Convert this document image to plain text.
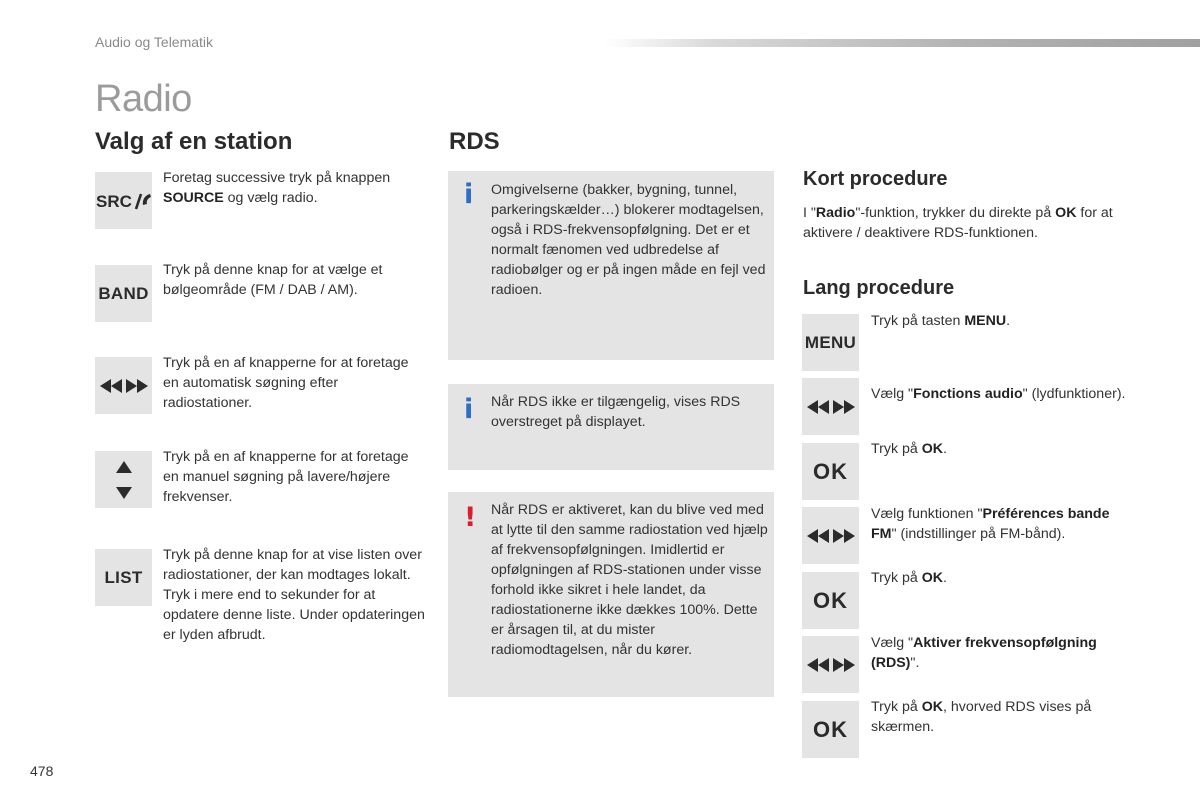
Audio og Telematik
Radio
Valg af en station
SRC
Foretag successive tryk på knappen SOURCE og vælg radio.
BAND
Tryk på denne knap for at vælge et bølgeområde (FM / DAB / AM).
Tryk på en af knapperne for at foretage en automatisk søgning efter radiostationer.
Tryk på en af knapperne for at foretage en manuel søgning på lavere/højere frekvenser.
LIST
Tryk på denne knap for at vise listen over radiostationer, der kan modtages lokalt.
Tryk i mere end to sekunder for at opdatere denne liste. Under opdateringen er lyden afbrudt.
RDS
i Omgivelserne (bakker, bygning, tunnel, parkeringskælder…) blokerer modtagelsen, også i RDS-frekvensopfølgning. Det er et normalt fænomen ved udbredelse af radiobølger og er på ingen måde en fejl ved radioen.
i Når RDS ikke er tilgængelig, vises RDS overstreget på displayet.
! Når RDS er aktiveret, kan du blive ved med at lytte til den samme radiostation ved hjælp af frekvensopfølgningen. Imidlertid er opfølgningen af RDS-stationen under visse forhold ikke sikret i hele landet, da radiostationerne ikke dækkes 100%. Dette er årsagen til, at du mister radiomodtagelsen, når du kører.
Kort procedure
I "Radio"-funktion, trykker du direkte på OK for at aktivere / deaktivere RDS-funktionen.
Lang procedure
MENU
Tryk på tasten MENU.
Vælg "Fonctions audio" (lydfunktioner).
OK
Tryk på OK.
Vælg funktionen "Préférences bande FM" (indstillinger på FM-bånd).
OK
Tryk på OK.
Vælg "Aktiver frekvensopfølgning (RDS)".
OK
Tryk på OK, hvorved RDS vises på skærmen.
478
